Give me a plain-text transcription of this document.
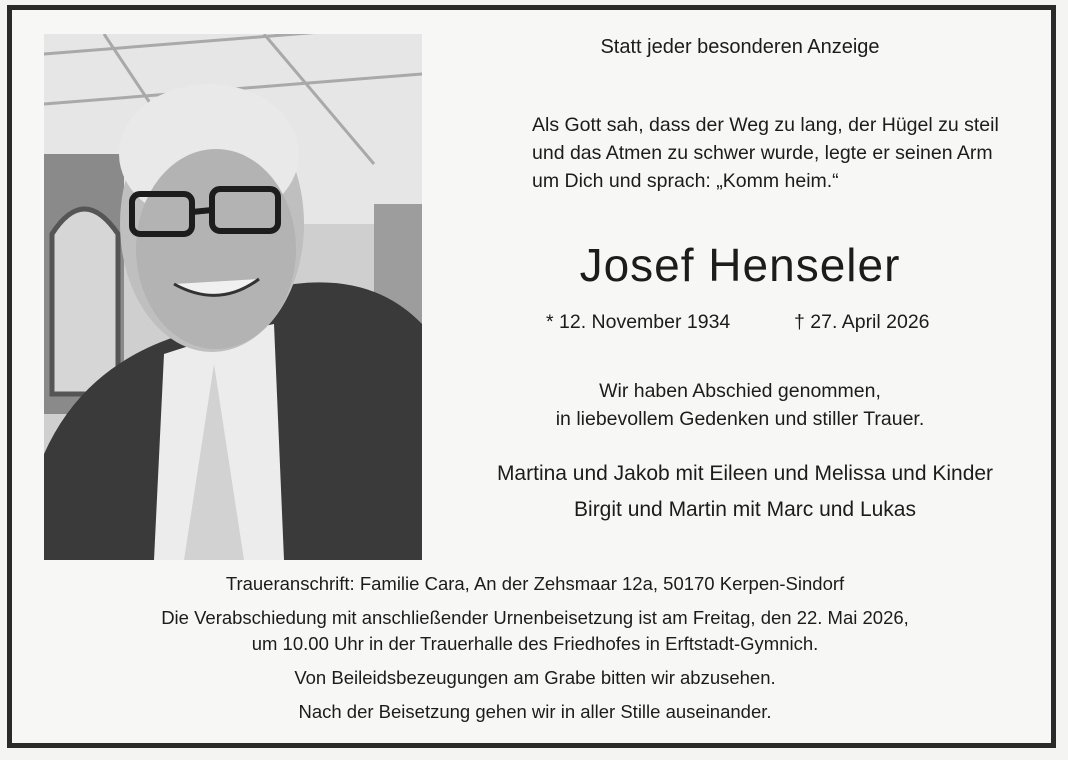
Statt jeder besonderen Anzeige
Als Gott sah, dass der Weg zu lang, der Hügel zu steil
und das Atmen zu schwer wurde, legte er seinen Arm
um Dich und sprach: „Komm heim.“
Josef Henseler
* 12. November 1934	† 27. April 2026
Wir haben Abschied genommen,
in liebevollem Gedenken und stiller Trauer.
Martina und Jakob mit Eileen und Melissa und Kinder
Birgit und Martin mit Marc und Lukas
Traueranschrift: Familie Cara, An der Zehsmaar 12a, 50170 Kerpen-Sindorf
Die Verabschiedung mit anschließender Urnenbeisetzung ist am Freitag, den 22. Mai 2026,
um 10.00 Uhr in der Trauerhalle des Friedhofes in Erftstadt-Gymnich.
Von Beileidsbezeugungen am Grabe bitten wir abzusehen.
Nach der Beisetzung gehen wir in aller Stille auseinander.
